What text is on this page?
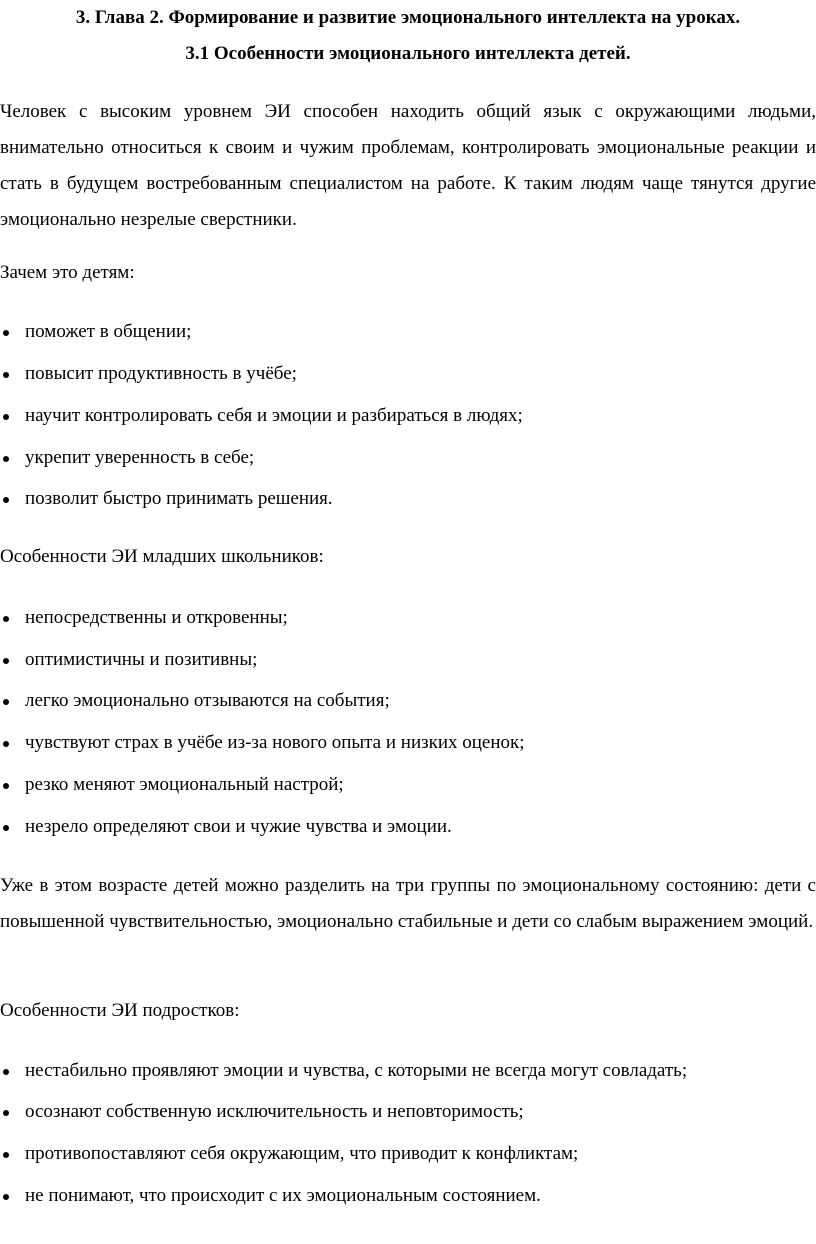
3. Глава 2. Формирование и развитие эмоционального интеллекта на уроках.
3.1 Особенности эмоционального интеллекта детей.

Человек с высоким уровнем ЭИ способен находить общий язык с окружающими людьми, внимательно относиться к своим и чужим проблемам, контролировать эмоциональные реакции и стать в будущем востребованным специалистом на работе. К таким людям чаще тянутся другие эмоционально незрелые сверстники.

Зачем это детям:

поможет в общении;
повысит продуктивность в учёбе;
научит контролировать себя и эмоции и разбираться в людях;
укрепит уверенность в себе;
позволит быстро принимать решения.

Особенности ЭИ младших школьников:

непосредственны и откровенны;
оптимистичны и позитивны;
легко эмоционально отзываются на события;
чувствуют страх в учёбе из-за нового опыта и низких оценок;
резко меняют эмоциональный настрой;
незрело определяют свои и чужие чувства и эмоции.

Уже в этом возрасте детей можно разделить на три группы по эмоциональному состоянию: дети с повышенной чувствительностью, эмоционально стабильные и дети со слабым выражением эмоций.

Особенности ЭИ подростков:

нестабильно проявляют эмоции и чувства, с которыми не всегда могут совладать;
осознают собственную исключительность и неповторимость;
противопоставляют себя окружающим, что приводит к конфликтам;
не понимают, что происходит с их эмоциональным состоянием.
